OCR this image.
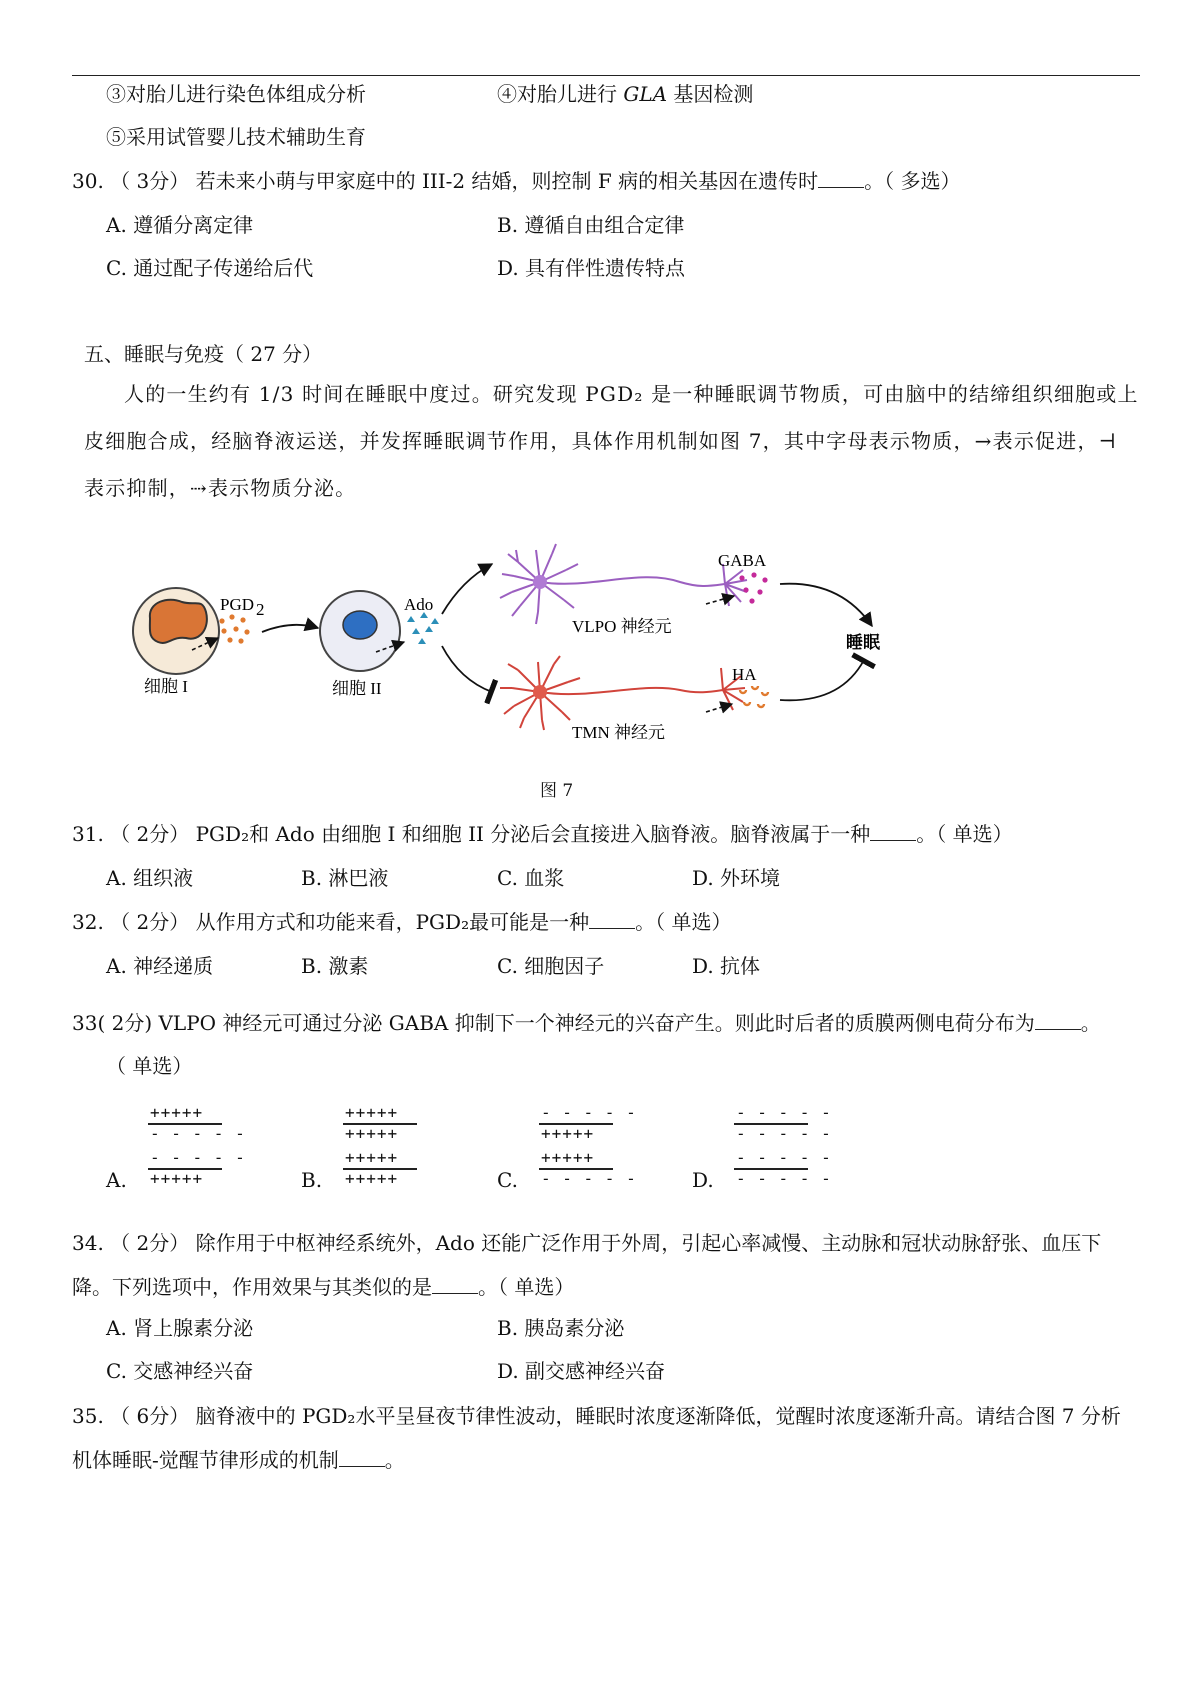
③对胎儿进行染色体组成分析	④对胎儿进行 GLA 基因检测
⑤采用试管婴儿技术辅助生育
30. （ 3分） 若未来小萌与甲家庭中的 III-2 结婚，则控制 F 病的相关基因在遗传时 。（ 多选）
A. 遵循分离定律	B. 遵循自由组合定律
C. 通过配子传递给后代	D. 具有伴性遗传特点
五、睡眠与免疫（ 27 分）
人的一生约有 1/3 时间在睡眠中度过。研究发现 PGD₂ 是一种睡眠调节物质，可由脑中的结缔组织细胞或上皮细胞合成，经脑脊液运送，并发挥睡眠调节作用，具体作用机制如图 7，其中字母表示物质，→表示促进，⊣ 表示抑制，⇢表示物质分泌。
PGD 2	Ado
VLPO 神经元
GABA
TMN 神经元
HA
睡眠
细胞 I	细胞 II
图 7
31. （ 2分） PGD₂和 Ado 由细胞 I 和细胞 II 分泌后会直接进入脑脊液。脑脊液属于一种 。（ 单选）
A. 组织液	B. 淋巴液	C. 血浆	D. 外环境
32. （ 2分） 从作用方式和功能来看，PGD₂最可能是一种 。（ 单选）
A. 神经递质	B. 激素	C. 细胞因子	D. 抗体
33( 2分) VLPO 神经元可通过分泌 GABA 抑制下一个神经元的兴奋产生。则此时后者的质膜两侧电荷分布为 。
（ 单选）
A.
+++++
- - - - -
- - - - -
+++++	B.
+++++
+++++
+++++
+++++	C.
- - - - -
+++++
+++++
- - - - -	D.
- - - - -
- - - - -
- - - - -
- - - - -
34. （ 2分） 除作用于中枢神经系统外，Ado 还能广泛作用于外周，引起心率减慢、主动脉和冠状动脉舒张、血压下降。下列选项中，作用效果与其类似的是 。（ 单选）
A. 肾上腺素分泌	B. 胰岛素分泌
C. 交感神经兴奋	D. 副交感神经兴奋
35. （ 6分） 脑脊液中的 PGD₂水平呈昼夜节律性波动，睡眠时浓度逐渐降低，觉醒时浓度逐渐升高。请结合图 7 分析机体睡眠-觉醒节律形成的机制 。
